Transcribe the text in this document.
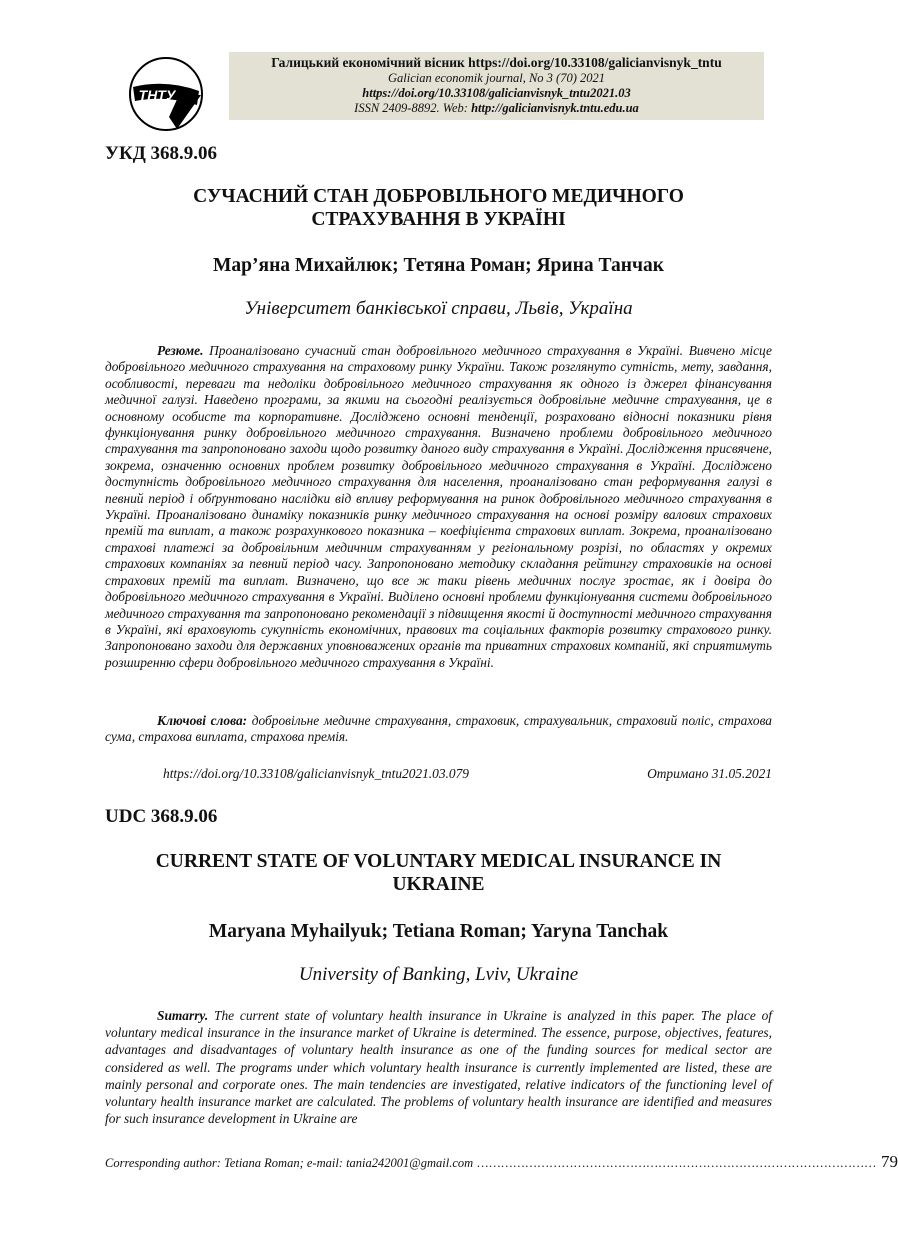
ТНТУ
Галицький економічний вісник https://doi.org/10.33108/galicianvisnyk_tntu
Galician economik journal, No 3 (70) 2021
https://doi.org/10.33108/galicianvisnyk_tntu2021.03
ISSN 2409-8892. Web: http://galicianvisnyk.tntu.edu.ua
УКД 368.9.06
СУЧАСНИЙ СТАН ДОБРОВІЛЬНОГО МЕДИЧНОГО
СТРАХУВАННЯ В УКРАЇНІ
Мар’яна Михайлюк; Тетяна Роман; Ярина Танчак
Університет банківської справи, Львів, Україна
Резюме. Проаналізовано сучасний стан добровільного медичного страхування в Україні. Вивчено місце добровільного медичного страхування на страховому ринку України. Також розглянуто сутність, мету, завдання, особливості, переваги та недоліки добровільного медичного страхування як одного із джерел фінансування медичної галузі. Наведено програми, за якими на сьогодні реалізується добровільне медичне страхування, це в основному особисте та корпоративне. Досліджено основні тенденції, розраховано відносні показники рівня функціонування ринку добровільного медичного страхування. Визначено проблеми добровільного медичного страхування та запропоновано заходи щодо розвитку даного виду страхування в Україні. Дослідження присвячене, зокрема, означенню основних проблем розвитку добровільного медичного страхування в Україні. Досліджено доступність добровільного медичного страхування для населення, проаналізовано стан реформування галузі в певний період і обґрунтовано наслідки від впливу реформування на ринок добровільного медичного страхування в Україні. Проаналізовано динаміку показників ринку медичного страхування на основі розміру валових страхових премій та виплат, а також розрахункового показника – коефіцієнта страхових виплат. Зокрема, проаналізовано страхові платежі за добровільним медичним страхуванням у регіональному розрізі, по областях у окремих страхових компаніях за певний період часу. Запропоновано методику складання рейтингу страховиків на основі страхових премій та виплат. Визначено, що все ж таки рівень медичних послуг зростає, як і довіра до добровільного медичного страхування в Україні. Виділено основні проблеми функціонування системи добровільного медичного страхування та запропоновано рекомендації з підвищення якості й доступності медичного страхування в Україні, які враховують сукупність економічних, правових та соціальних факторів розвитку страхового ринку. Запропоновано заходи для державних уповноважених органів та приватних страхових компаній, які сприятимуть розширенню сфери добровільного медичного страхування в Україні.
Ключові слова: добровільне медичне страхування, страховик, страхувальник, страховий поліс, страхова сума, страхова виплата, страхова премія.
https://doi.org/10.33108/galicianvisnyk_tntu2021.03.079	Отримано 31.05.2021
UDC 368.9.06
CURRENT STATE OF VOLUNTARY MEDICAL INSURANCE IN
UKRAINE
Maryana Myhailyuk; Tetiana Roman; Yaryna Tanchak
University of Banking, Lviv, Ukraine
Sumarry. The current state of voluntary health insurance in Ukraine is analyzed in this paper. The place of voluntary medical insurance in the insurance market of Ukraine is determined. The essence, purpose, objectives, features, advantages and disadvantages of voluntary health insurance as one of the funding sources for medical sector are considered as well. The programs under which voluntary health insurance is currently implemented are listed, these are mainly personal and corporate ones. The main tendencies are investigated, relative indicators of the functioning level of voluntary health insurance market are calculated. The problems of voluntary health insurance are identified and measures for such insurance development in Ukraine are
Corresponding author: Tetiana Roman; e-mail: tania242001@gmail.com ……………………………………………………………………………………… 79
